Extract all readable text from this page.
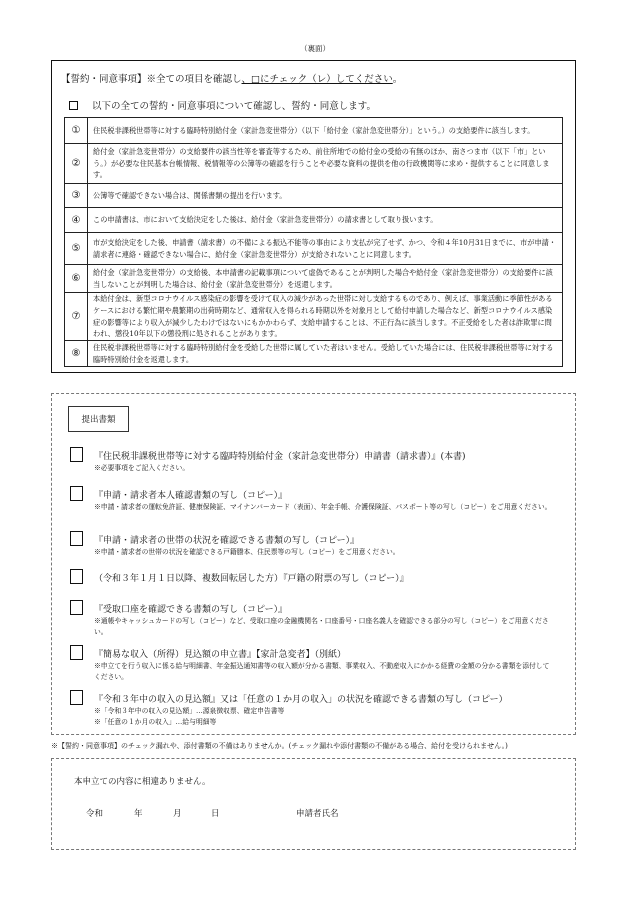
（裏面）
【誓約・同意事項】※全ての項目を確認し、□にチェック（レ）してください。
以下の全ての誓約・同意事項について確認し、誓約・同意します。
①	住民税非課税世帯等に対する臨時特別給付金（家計急変世帯分）（以下「給付金（家計急変世帯分）」という。）の支給要件に該当します。
②
給付金（家計急変世帯分）の支給要件の該当性等を審査等するため、前住所地での給付金の受給の有無のほか、南さつま市（以下「市」という。）が必要な住民基本台帳情報、税情報等の公簿等の確認を行うことや必要な資料の提供を他の行政機関等に求め・提供することに同意します。
③	公簿等で確認できない場合は、関係書類の提出を行います。
④	この申請書は、市において支給決定をした後は、給付金（家計急変世帯分）の請求書として取り扱います。
⑤
市が支給決定をした後、申請書（請求書）の不備による振込不能等の事由により支払が完了せず、かつ、令和４年10月31日までに、市が申請・請求者に連絡・確認できない場合に、給付金（家計急変世帯分）が支給されないことに同意します。
⑥
給付金（家計急変世帯分）の支給後、本申請書の記載事項について虚偽であることが判明した場合や給付金（家計急変世帯分）の支給要件に該当しないことが判明した場合は、給付金（家計急変世帯分）を返還します。
⑦
本給付金は、新型コロナウイルス感染症の影響を受けて収入の減少があった世帯に対し支給するものであり、例えば、事業活動に季節性があるケースにおける繁忙期や農繁期の出荷時期など、通常収入を得られる時期以外を対象月として給付申請した場合など、新型コロナウイルス感染症の影響等により収入が減少したわけではないにもかかわらず、支給申請することは、不正行為に該当します。不正受給をした者は詐欺罪に問われ、懲役10年以下の懲役刑に処されることがあります。
⑧
住民税非課税世帯等に対する臨時特別給付金を受給した世帯に属していた者はいません。受給していた場合には、住民税非課税世帯等に対する臨時特別給付金を返還します。
提出書類
『住民税非課税世帯等に対する臨時特別給付金（家計急変世帯分）申請書（請求書）』(本書)
※必要事項をご記入ください。
『申請・請求者本人確認書類の写し（コピー）』
※申請・請求者の運転免許証、健康保険証、マイナンバーカード（表面）、年金手帳、介護保険証、パスポート等の写し（コピー）をご用意ください。
『申請・請求者の世帯の状況を確認できる書類の写し（コピー）』
※申請・請求者の世帯の状況を確認できる戸籍謄本、住民票等の写し（コピー）をご用意ください。
（令和３年１月１日以降、複数回転居した方）『戸籍の附票の写し（コピー）』
『受取口座を確認できる書類の写し（コピー）』
※通帳やキャッシュカードの写し（コピー）など、受取口座の金融機関名・口座番号・口座名義人を確認できる部分の写し（コピー）をご用意ください。
『簡易な収入（所得）見込額の申立書』【家計急変者】（別紙）
※申立てを行う収入に係る給与明細書、年金振込通知書等の収入額が分かる書類、事業収入、不動産収入にかかる経費の金額の分かる書類を添付してください。
『令和３年中の収入の見込額』又は「任意の１か月の収入」の状況を確認できる書類の写し（コピー）
※「令和３年中の収入の見込額」…源泉徴収票、確定申告書等
※「任意の１か月の収入」…給与明細等
※【誓約・同意事項】のチェック漏れや、添付書類の不備はありませんか。(チェック漏れや添付書類の不備がある場合、給付を受けられません。)
本申立ての内容に相違ありません。
令和	年	月	日	申請者氏名
